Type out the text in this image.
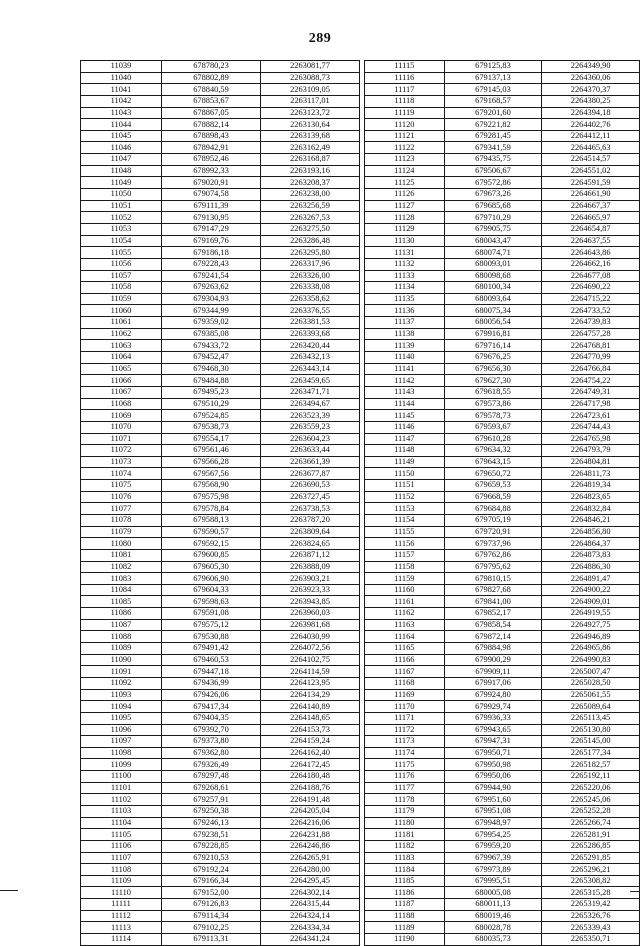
289
11039	678780,23	2263081,77
11040	678802,89	2263088,73
11041	678840,59	2263109,05
11042	678853,67	2263117,01
11043	678867,05	2263123,72
11044	678882,14	2263130,64
11045	678898,43	2263139,68
11046	678942,91	2263162,49
11047	678952,46	2263168,87
11048	678992,33	2263193,16
11049	679020,91	2263208,37
11050	679074,58	2263238,00
11051	679111,39	2263256,59
11052	679130,95	2263267,53
11053	679147,29	2263275,50
11054	679169,76	2263286,48
11055	679186,18	2263295,80
11056	679228,43	2263317,96
11057	679241,54	2263326,00
11058	679263,62	2263338,08
11059	679304,93	2263358,62
11060	679344,99	2263376,55
11061	679359,02	2263381,53
11062	679385,08	2263393,68
11063	679433,72	2263420,44
11064	679452,47	2263432,13
11065	679468,30	2263443,14
11066	679484,88	2263459,65
11067	679495,23	2263471,71
11068	679510,29	2263494,67
11069	679524,85	2263523,39
11070	679538,73	2263559,23
11071	679554,17	2263604,23
11072	679561,46	2263633,44
11073	679566,28	2263661,39
11074	679567,56	2263677,87
11075	679568,90	2263690,53
11076	679575,98	2263727,45
11077	679578,84	2263738,53
11078	679588,13	2263787,20
11079	679590,57	2263809,64
11080	679592,15	2263824,65
11081	679600,85	2263871,12
11082	679605,30	2263888,09
11083	679606,90	2263903,21
11084	679604,33	2263923,33
11085	679598,63	2263943,85
11086	679591,08	2263960,03
11087	679575,12	2263981,68
11088	679530,88	2264030,99
11089	679491,42	2264072,56
11090	679460,53	2264102,75
11091	679447,18	2264114,59
11092	679436,99	2264123,95
11093	679426,06	2264134,29
11094	679417,34	2264140,89
11095	679404,35	2264148,65
11096	679392,70	2264153,73
11097	679373,80	2264159,24
11098	679362,80	2264162,40
11099	679326,49	2264172,45
11100	679297,48	2264180,48
11101	679268,61	2264188,76
11102	679257,91	2264191,48
11103	679250,38	2264205,04
11104	679246,13	2264216,06
11105	679238,51	2264231,88
11106	679228,85	2264246,86
11107	679210,53	2264265,91
11108	679192,24	2264280,00
11109	679166,34	2264295,45
11110	679152,00	2264302,14
11111	679126,83	2264315,44
11112	679114,34	2264324,14
11113	679102,25	2264334,34
11114	679113,31	2264341,24
11115	679125,83	2264349,90
11116	679137,13	2264360,06
11117	679145,03	2264370,37
11118	679168,57	2264380,25
11119	679201,60	2264394,18
11120	679221,82	2264402,76
11121	679281,45	2264412,11
11122	679341,59	2264465,63
11123	679435,75	2264514,57
11124	679506,67	2264551,02
11125	679572,86	2264591,59
11126	679673,26	2264661,90
11127	679685,68	2264667,37
11128	679710,29	2264665,97
11129	679905,75	2264654,87
11130	680043,47	2264637,55
11131	680074,71	2264643,86
11132	680093,01	2264662,16
11133	680098,68	2264677,08
11134	680100,34	2264690,22
11135	680093,64	2264715,22
11136	680075,34	2264733,52
11137	680056,54	2264739,83
11138	679916,81	2264757,28
11139	679716,14	2264768,81
11140	679676,25	2264770,99
11141	679656,30	2264766,84
11142	679627,30	2264754,22
11143	679618,55	2264749,31
11144	679573,86	2264717,98
11145	679578,73	2264723,61
11146	679593,67	2264744,43
11147	679610,28	2264765,98
11148	679634,32	2264793,79
11149	679643,15	2264804,81
11150	679650,72	2264811,73
11151	679659,53	2264819,34
11152	679668,59	2264823,65
11153	679684,88	2264832,84
11154	679705,19	2264846,21
11155	679720,91	2264856,80
11156	679737,96	2264864,37
11157	679762,86	2264873,83
11158	679795,62	2264886,30
11159	679810,15	2264891,47
11160	679827,68	2264900,22
11161	679841,00	2264909,01
11162	679852,17	2264919,55
11163	679858,54	2264927,75
11164	679872,14	2264946,89
11165	679884,98	2264965,86
11166	679900,29	2264990,83
11167	679909,11	2265007,47
11168	679917,06	2265028,50
11169	679924,80	2265061,55
11170	679929,74	2265089,64
11171	679936,33	2265113,45
11172	679943,65	2265130,80
11173	679947,31	2265145,00
11174	679950,71	2265177,34
11175	679950,98	2265182,57
11176	679950,06	2265192,11
11177	679944,90	2265220,06
11178	679951,60	2265245,06
11179	679951,08	2265252,28
11180	679948,97	2265266,74
11181	679954,25	2265281,91
11182	679959,20	2265286,85
11183	679967,39	2265291,85
11184	679973,89	2265296,21
11185	679995,51	2265308,82
11186	680005,08	2265315,28
11187	680011,13	2265319,42
11188	680019,46	2265326,76
11189	680028,78	2265339,43
11190	680035,73	2265350,71
